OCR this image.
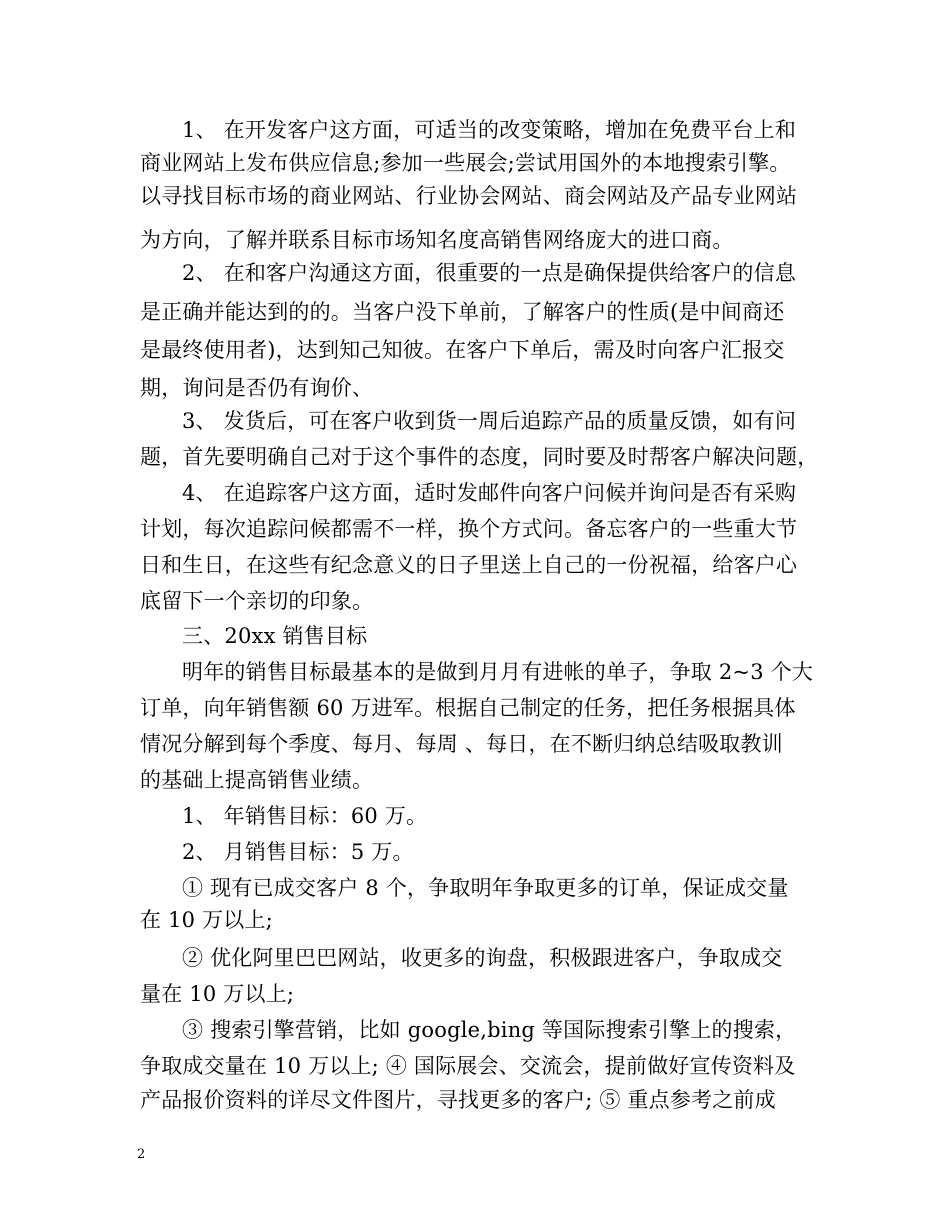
1、 在开发客户这方面，可适当的改变策略，增加在免费平台上和
商业网站上发布供应信息;参加一些展会;尝试用国外的本地搜索引擎。
以寻找目标市场的商业网站、行业协会网站、商会网站及产品专业网站
为方向，了解并联系目标市场知名度高销售网络庞大的进口商。
2、 在和客户沟通这方面，很重要的一点是确保提供给客户的信息
是正确并能达到的的。当客户没下单前，了解客户的性质(是中间商还
是最终使用者)，达到知己知彼。在客户下单后，需及时向客户汇报交
期，询问是否仍有询价、
3、 发货后，可在客户收到货一周后追踪产品的质量反馈，如有问
题，首先要明确自己对于这个事件的态度，同时要及时帮客户解决问题，
4、 在追踪客户这方面，适时发邮件向客户问候并询问是否有采购
计划，每次追踪问候都需不一样，换个方式问。备忘客户的一些重大节
日和生日，在这些有纪念意义的日子里送上自己的一份祝福，给客户心
底留下一个亲切的印象。
三、20xx 销售目标
明年的销售目标最基本的是做到月月有进帐的单子，争取 2~3 个大
订单，向年销售额 60 万进军。根据自己制定的任务，把任务根据具体
情况分解到每个季度、每月、每周 、每日，在不断归纳总结吸取教训
的基础上提高销售业绩。
1、 年销售目标：60 万。
2、 月销售目标：5 万。
① 现有已成交客户 8 个，争取明年争取更多的订单，保证成交量
在 10 万以上;
② 优化阿里巴巴网站，收更多的询盘，积极跟进客户，争取成交
量在 10 万以上;
③ 搜索引擎营销，比如 google,bing 等国际搜索引擎上的搜索，
争取成交量在 10 万以上; ④ 国际展会、交流会，提前做好宣传资料及
产品报价资料的详尽文件图片，寻找更多的客户; ⑤ 重点参考之前成
2
